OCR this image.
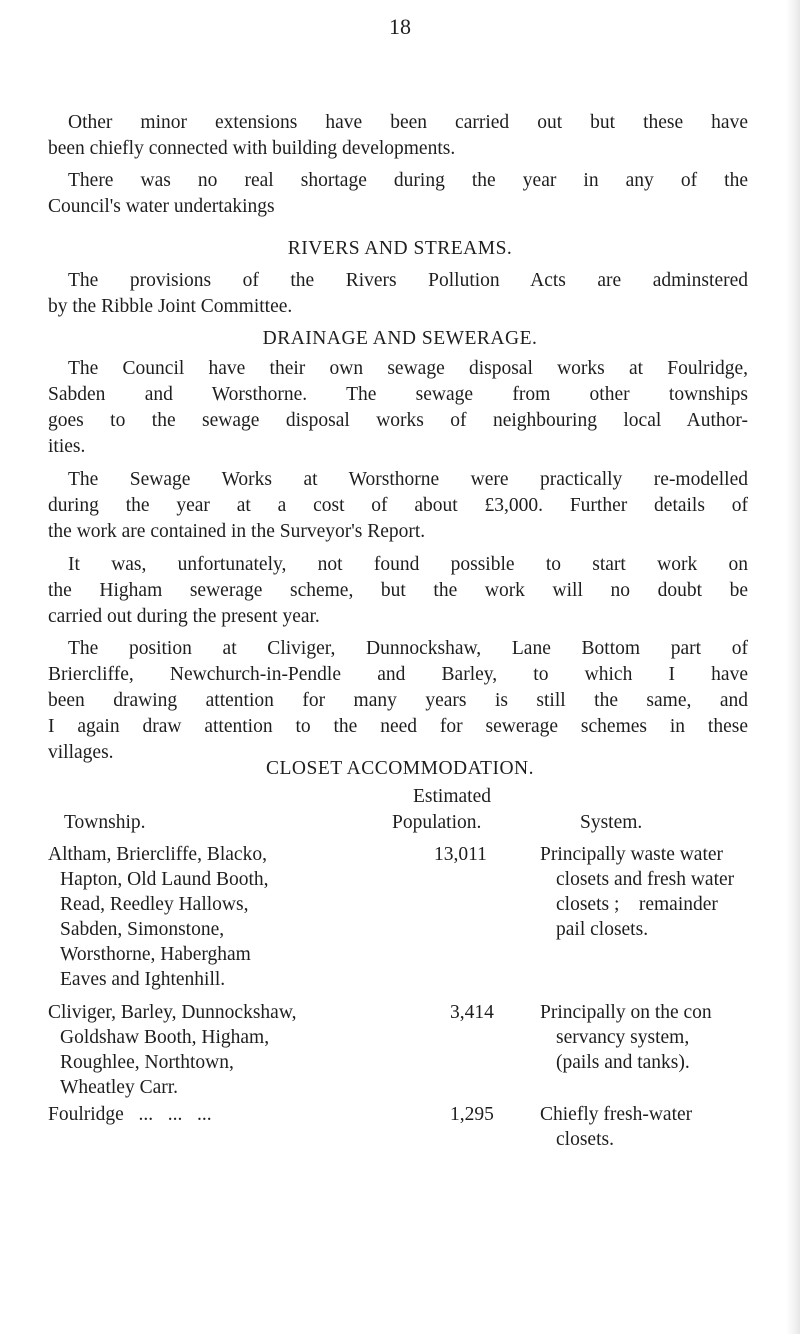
18
Other minor extensions have been carried out but these have
been chiefly connected with building developments.
There was no real shortage during the year in any of the
Council's water undertakings
RIVERS AND STREAMS.
The provisions of the Rivers Pollution Acts are adminstered
by the Ribble Joint Committee.
DRAINAGE AND SEWERAGE.
The Council have their own sewage disposal works at Foulridge,
Sabden and Worsthorne. The sewage from other townships
goes to the sewage disposal works of neighbouring local Author-
ities.
The Sewage Works at Worsthorne were practically re-modelled
during the year at a cost of about £3,000. Further details of
the work are contained in the Surveyor's Report.
It was, unfortunately, not found possible to start work on
the Higham sewerage scheme, but the work will no doubt be
carried out during the present year.
The position at Cliviger, Dunnockshaw, Lane Bottom part of
Briercliffe, Newchurch-in-Pendle and Barley, to which I have
been drawing attention for many years is still the same, and
I again draw attention to the need for sewerage schemes in these
villages.
CLOSET ACCOMMODATION.
Estimated
Township.	Population.	System.
Altham, Briercliffe, Blacko,
Hapton, Old Laund Booth,
Read, Reedley Hallows,
Sabden, Simonstone,
Worsthorne, Habergham
Eaves and Ightenhill.
13,011	Principally waste water
closets and fresh water
closets ;    remainder
pail closets.
Cliviger, Barley, Dunnockshaw,
Goldshaw Booth, Higham,
Roughlee, Northtown,
Wheatley Carr.
3,414 Principally on the con
servancy system,
(pails and tanks).
Foulridge   ...   ...   ...	1,295 Chiefly fresh-water
closets.
